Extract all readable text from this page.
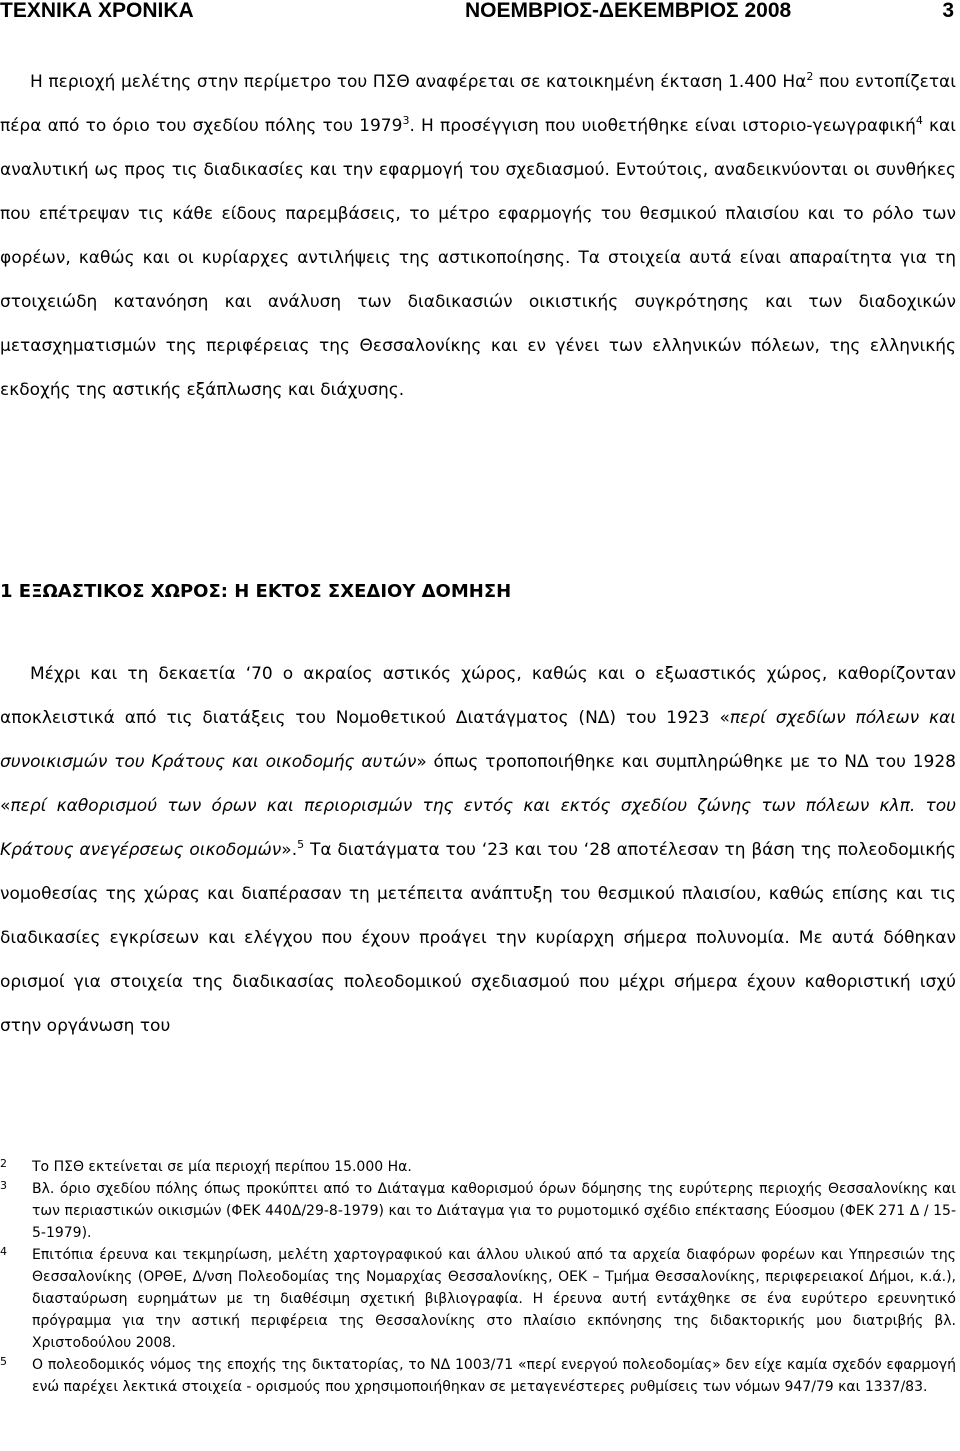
ΤΕΧΝΙΚΑ ΧΡΟΝΙΚΑ	ΝΟΕΜΒΡΙΟΣ-ΔΕΚΕΜΒΡΙΟΣ 2008	3

Η περιοχή μελέτης στην περίμετρο του ΠΣΘ αναφέρεται σε κατοικημένη έκταση 1.400 $H\alpha^2$ που εντοπίζεται πέρα από το όριο του σχεδίου πόλης του 1979$^3$. Η προσέγγιση που υιοθετήθηκε είναι ιστοριο-γεωγραφική$^4$ και αναλυτική ως προς τις διαδικασίες και την εφαρμογή του σχεδιασμού. Εντούτοις, αναδεικνύονται οι συνθήκες που επέτρεψαν τις κάθε είδους παρεμβάσεις, το μέτρο εφαρμογής του θεσμικού πλαισίου και το ρόλο των φορέων, καθώς και οι κυρίαρχες αντιλήψεις της αστικοποίησης. Τα στοιχεία αυτά είναι απαραίτητα για τη στοιχειώδη κατανόηση και ανάλυση των διαδικασιών οικιστικής συγκρότησης και των διαδοχικών μετασχηματισμών της περιφέρειας της Θεσσαλονίκης και εν γένει των ελληνικών πόλεων, της ελληνικής εκδοχής της αστικής εξάπλωσης και διάχυσης.

1 ΕΞΩΑΣΤΙΚΟΣ ΧΩΡΟΣ: Η ΕΚΤΟΣ ΣΧΕΔΙΟΥ ΔΟΜΗΣΗ

Μέχρι και τη δεκαετία ‘70 ο ακραίος αστικός χώρος, καθώς και ο εξωαστικός χώρος, καθορίζονταν αποκλειστικά από τις διατάξεις του Νομοθετικού Διατάγματος (ΝΔ) του 1923 «περί σχεδίων πόλεων και συνοικισμών του Κράτους και οικοδομής αυτών» όπως τροποποιήθηκε και συμπληρώθηκε με το ΝΔ του 1928 «περί καθορισμού των όρων και περιορισμών της εντός και εκτός σχεδίου ζώνης των πόλεων κλπ. του Κράτους ανεγέρσεως οικοδομών».$^5$ Τα διατάγματα του ‘23 και του ‘28 αποτέλεσαν τη βάση της πολεοδομικής νομοθεσίας της χώρας και διαπέρασαν τη μετέπειτα ανάπτυξη του θεσμικού πλαισίου, καθώς επίσης και τις διαδικασίες εγκρίσεων και ελέγχου που έχουν προάγει την κυρίαρχη σήμερα πολυνομία. Με αυτά δόθηκαν ορισμοί για στοιχεία της διαδικασίας πολεοδομικού σχεδιασμού που μέχρι σήμερα έχουν καθοριστική ισχύ στην οργάνωση του

2	Το ΠΣΘ εκτείνεται σε μία περιοχή περίπου 15.000 Ηα.
3	Βλ. όριο σχεδίου πόλης όπως προκύπτει από το Διάταγμα καθορισμού όρων δόμησης της ευρύτερης περιοχής Θεσσαλονίκης και των περιαστικών οικισμών (ΦΕΚ 440Δ/29-8-1979) και το Διάταγμα για το ρυμοτομικό σχέδιο επέκτασης Εύοσμου (ΦΕΚ 271 Δ / 15-5-1979).
4	Επιτόπια έρευνα και τεκμηρίωση, μελέτη χαρτογραφικού και άλλου υλικού από τα αρχεία διαφόρων φορέων και Υπηρεσιών της Θεσσαλονίκης (ΟΡΘΕ, Δ/νση Πολεοδομίας της Νομαρχίας Θεσσαλονίκης, ΟΕΚ – Τμήμα Θεσσαλονίκης, περιφερειακοί Δήμοι, κ.ά.), διασταύρωση ευρημάτων με τη διαθέσιμη σχετική βιβλιογραφία. Η έρευνα αυτή εντάχθηκε σε ένα ευρύτερο ερευνητικό πρόγραμμα για την αστική περιφέρεια της Θεσσαλονίκης στο πλαίσιο εκπόνησης της διδακτορικής μου διατριβής βλ. Χριστοδούλου 2008.
5	Ο πολεοδομικός νόμος της εποχής της δικτατορίας, το ΝΔ 1003/71 «περί ενεργού πολεοδομίας» δεν είχε καμία σχεδόν εφαρμογή ενώ παρέχει λεκτικά στοιχεία - ορισμούς που χρησιμοποιήθηκαν σε μεταγενέστερες ρυθμίσεις των νόμων 947/79 και 1337/83.
